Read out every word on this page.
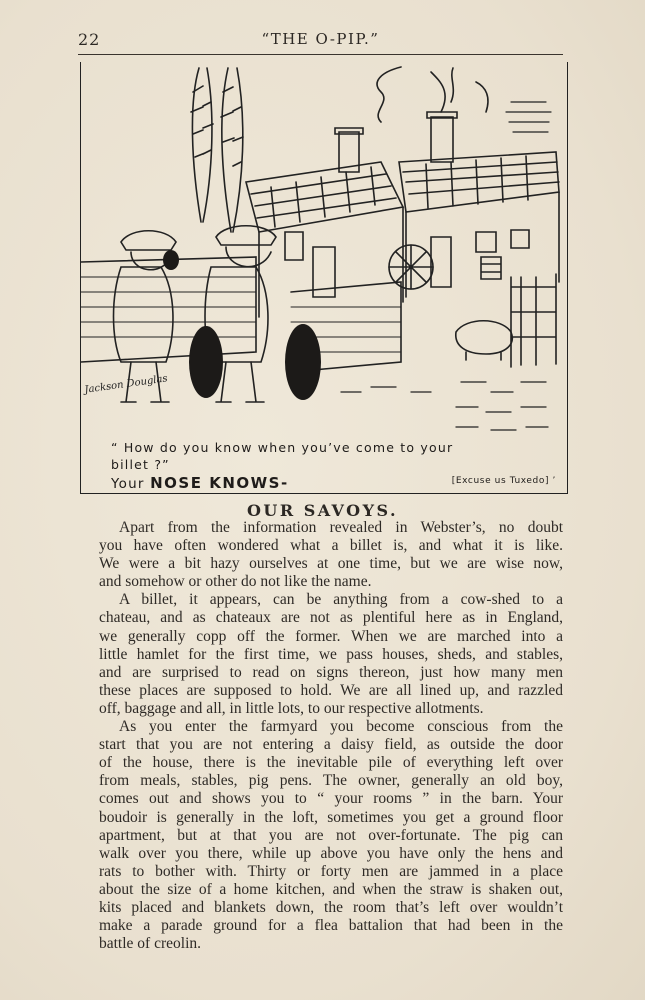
22	“THE O-PIP.”
Jackson Douglas
“ How do you know when you’ve come to your
billet ?”
Your NOSE KNOWS-	[Excuse us Tuxedo] ’
OUR SAVOYS.

Apart from the information revealed in Webster’s, no doubt
you have often wondered what a billet is, and what it is like.
We were a bit hazy ourselves at one time, but we are wise now,
and somehow or other do not like the name.

A billet, it appears, can be anything from a cow-shed to a
chateau, and as chateaux are not as plentiful here as in England,
we generally copp off the former. When we are marched into a
little hamlet for the first time, we pass houses, sheds, and stables,
and are surprised to read on signs thereon, just how many men
these places are supposed to hold. We are all lined up, and razzled
off, baggage and all, in little lots, to our respective allotments.

As you enter the farmyard you become conscious from the
start that you are not entering a daisy field, as outside the door
of the house, there is the inevitable pile of everything left over
from meals, stables, pig pens. The owner, generally an old boy,
comes out and shows you to “ your rooms ” in the barn. Your
boudoir is generally in the loft, sometimes you get a ground floor
apartment, but at that you are not over-fortunate. The pig can
walk over you there, while up above you have only the hens and
rats to bother with. Thirty or forty men are jammed in a place
about the size of a home kitchen, and when the straw is shaken out,
kits placed and blankets down, the room that’s left over wouldn’t
make a parade ground for a flea battalion that had been in the
battle of creolin.
